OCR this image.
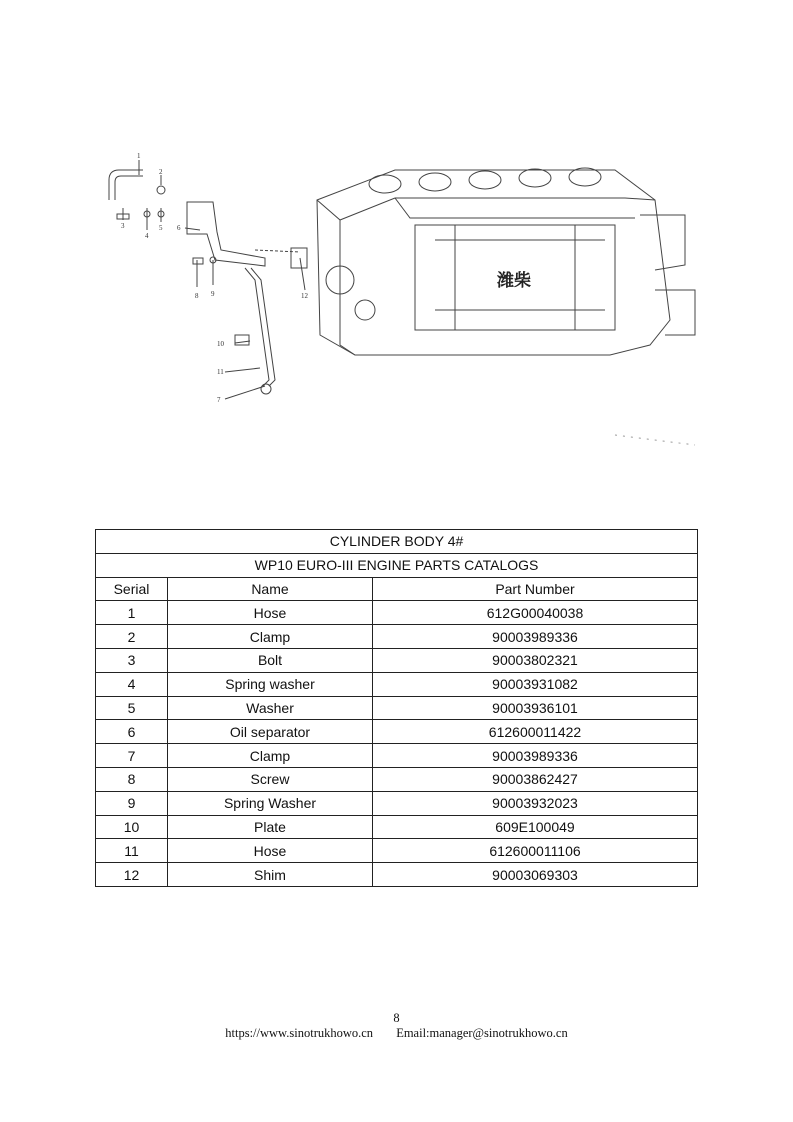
潍柴
1
2
3
4
5 6
7
8 9
10
11
12
CYLINDER BODY 4#		
WP10 EURO-III ENGINE PARTS CATALOGS		
Serial	Name	Part Number
1	Hose	612G00040038
2	Clamp	90003989336
3	Bolt	90003802321
4	Spring washer	90003931082
5	Washer	90003936101
6	Oil separator	612600011422
7	Clamp	90003989336
8	Screw	90003862427
9	Spring Washer	90003932023
10	Plate	609E100049
11	Hose	612600011106
12	Shim	90003069303
8
https://www.sinotrukhowo.cn Email:manager@sinotrukhowo.cn
